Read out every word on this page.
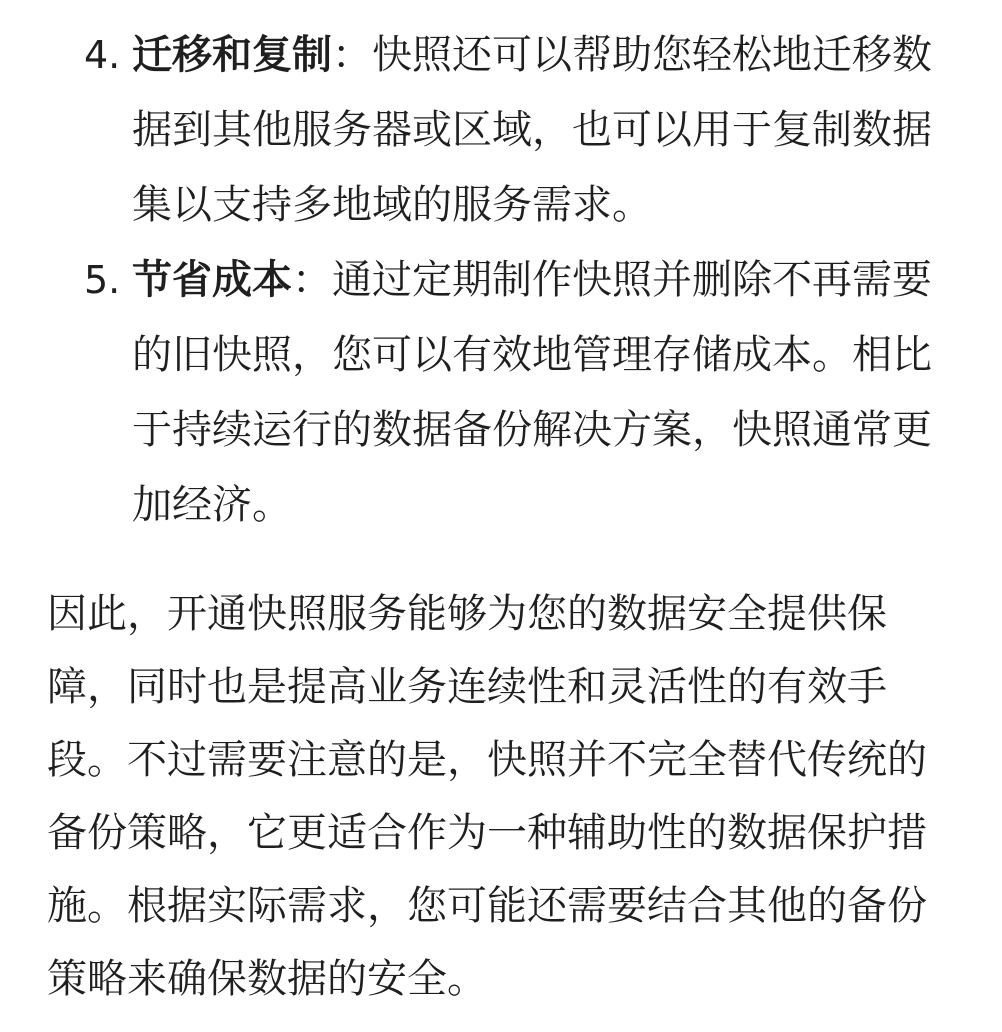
4. 迁移和复制：快照还可以帮助您轻松地迁移数据到其他服务器或区域，也可以用于复制数据集以支持多地域的服务需求。
5. 节省成本：通过定期制作快照并删除不再需要的旧快照，您可以有效地管理存储成本。相比于持续运行的数据备份解决方案，快照通常更加经济。

因此，开通快照服务能够为您的数据安全提供保障，同时也是提高业务连续性和灵活性的有效手段。不过需要注意的是，快照并不完全替代传统的备份策略，它更适合作为一种辅助性的数据保护措施。根据实际需求，您可能还需要结合其他的备份策略来确保数据的安全。
